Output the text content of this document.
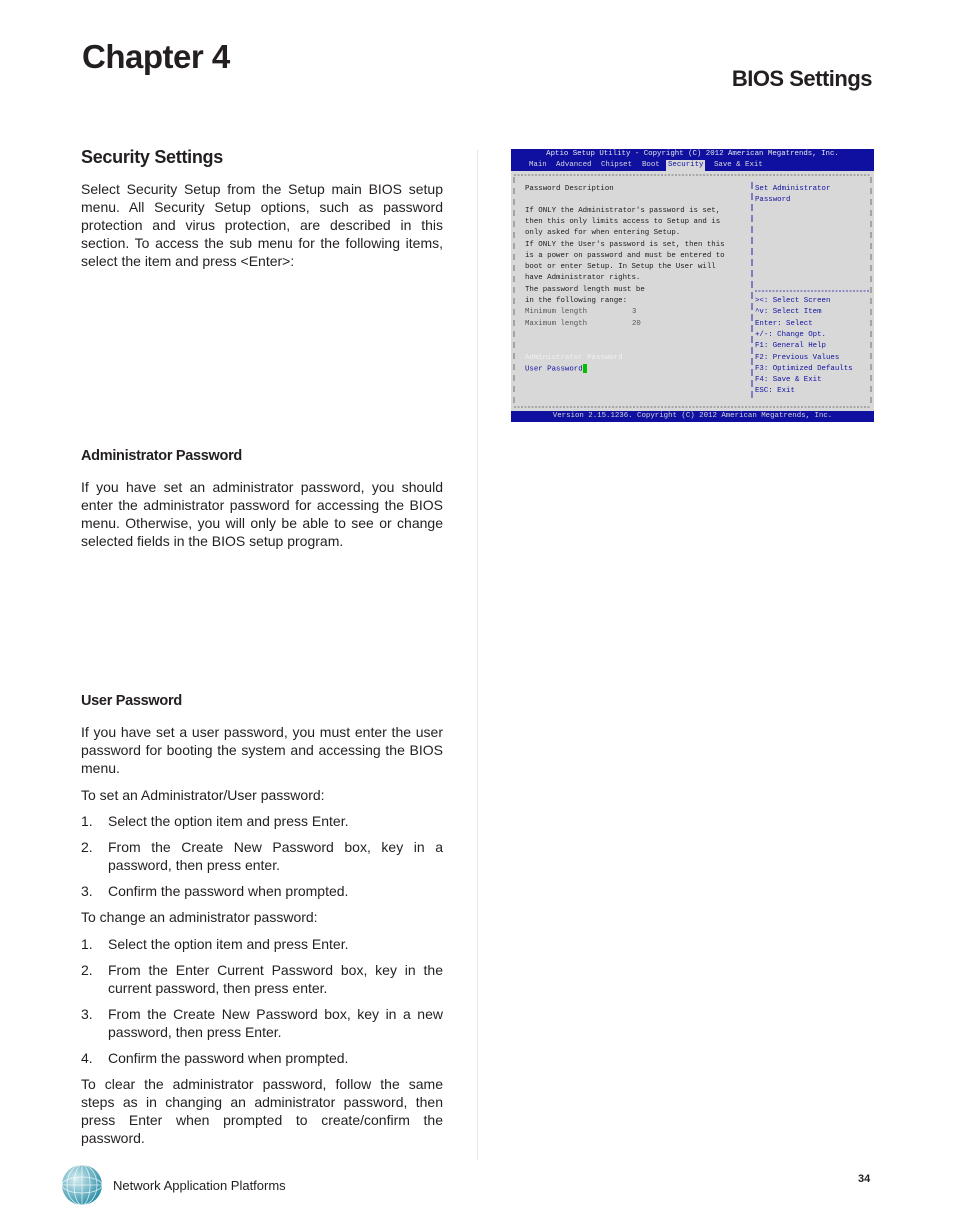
Chapter 4
BIOS Settings
Security Settings

Select Security Setup from the Setup main BIOS setup menu. All Security Setup options, such as password protection and virus protection, are described in this section. To access the sub menu for the following items, select the item and press <Enter>:

Administrator Password

If you have set an administrator password, you should enter the administrator password for accessing the BIOS menu. Otherwise, you will only be able to see or change selected fields in the BIOS setup program.

User Password

If you have set a user password, you must enter the user password for booting the system and accessing the BIOS menu.

To set an Administrator/User password:

1.	Select the option item and press Enter.
2.	From the Create New Password box, key in a password, then press enter.
3.	Confirm the password when prompted.

To change an administrator password:

1.	Select the option item and press Enter.
2.	From the Enter Current Password box, key in the current password, then press enter.
3.	From the Create New Password box, key in a new password, then press Enter.
4.	Confirm the password when prompted.

To clear the administrator password, follow the same steps as in changing an administrator password, then press Enter when prompted to create/confirm the password.

Aptio Setup Utility - Copyright (C) 2012 American Megatrends, Inc.
Main Advanced Chipset Boot Security Save & Exit
Password Description
If ONLY the Administrator's password is set,
then this only limits access to Setup and is
only asked for when entering Setup.
If ONLY the User's password is set, then this
is a power on password and must be entered to
boot or enter Setup. In Setup the User will
have Administrator rights.
The password length must be
in the following range:
Minimum length	3
Maximum length	20
Administrator Password
User Password
Set Administrator
Password
><: Select Screen
^v: Select Item
Enter: Select
+/-: Change Opt.
F1: General Help
F2: Previous Values
F3: Optimized Defaults
F4: Save & Exit
ESC: Exit
Version 2.15.1236. Copyright (C) 2012 American Megatrends, Inc.
Network Application Platforms	34
